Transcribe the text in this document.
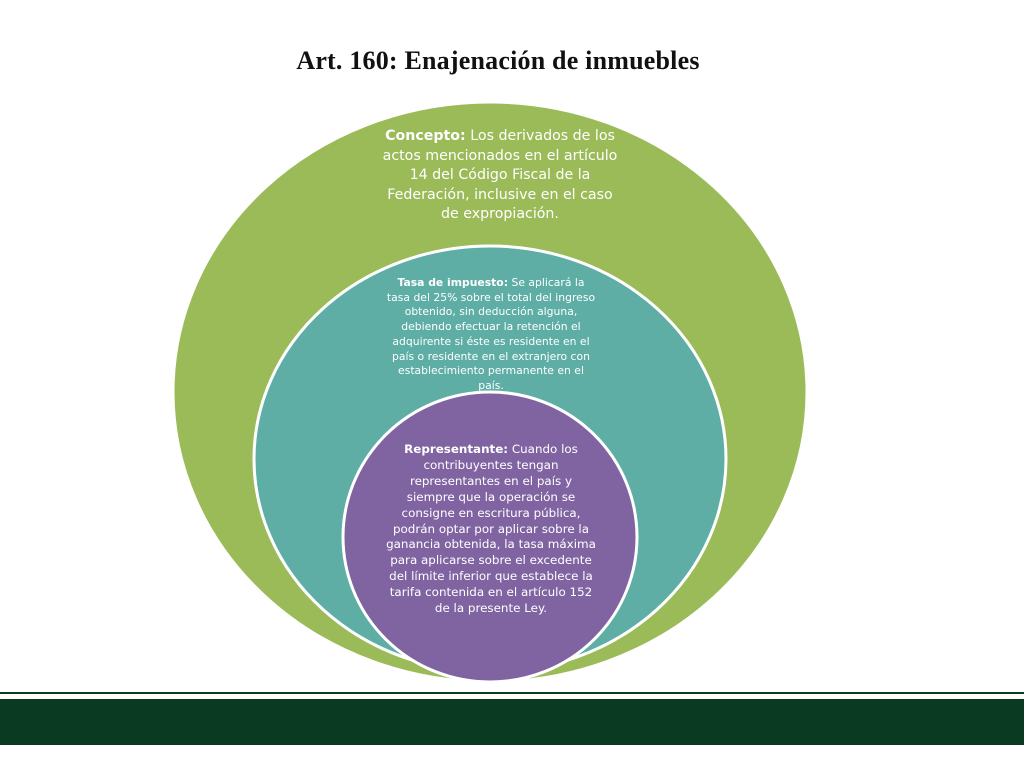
Art. 160: Enajenación de inmuebles
Concepto: Los derivados de los actos mencionados en el artículo 14 del Código Fiscal de la Federación, inclusive en el caso de expropiación.
Tasa de impuesto: Se aplicará la tasa del 25% sobre el total del ingreso obtenido, sin deducción alguna, debiendo efectuar la retención el adquirente si éste es residente en el país o residente en el extranjero con establecimiento permanente en el país.
Representante: Cuando los contribuyentes tengan representantes en el país y siempre que la operación se consigne en escritura pública, podrán optar por aplicar sobre la ganancia obtenida, la tasa máxima para aplicarse sobre el excedente del límite inferior que establece la tarifa contenida en el artículo 152 de la presente Ley.
